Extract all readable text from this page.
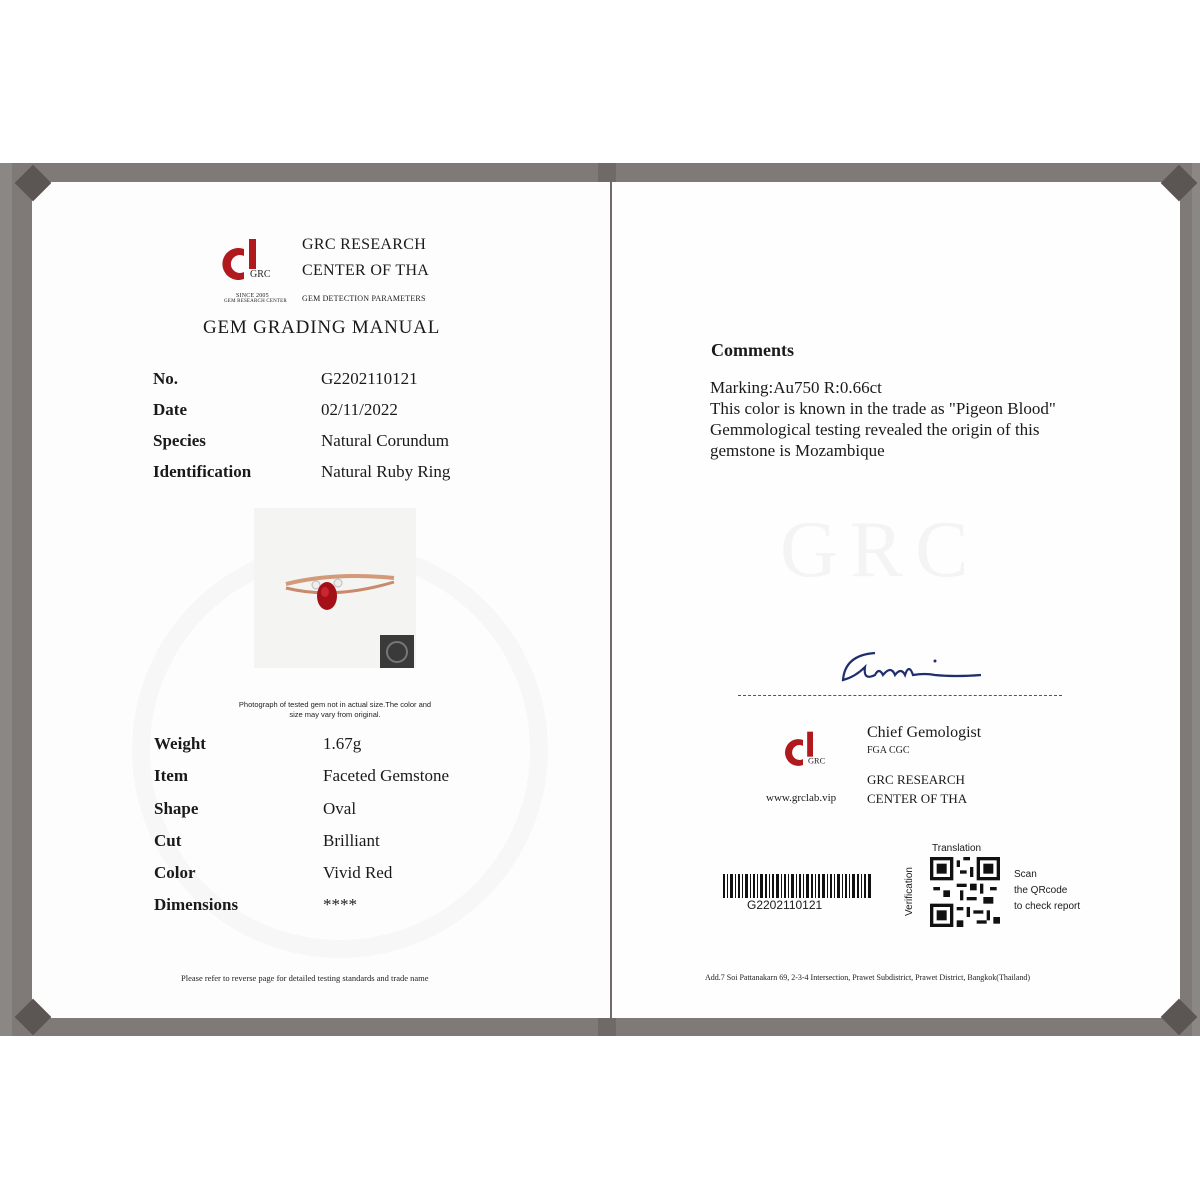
GRC
SINCE 2005
GEM RESEARCH CENTER
GRC RESEARCH
CENTER OF THA
GEM DETECTION PARAMETERS
GEM GRADING MANUAL
No.	G2202110121
Date	02/11/2022
Species	Natural Corundum
Identification	Natural Ruby Ring
Photograph of tested gem not in actual size.The color and
size may vary from original.
Weight	1.67g
Item	Faceted Gemstone
Shape	Oval
Cut	Brilliant
Color	Vivid Red
Dimensions	****
Please refer to reverse page for detailed testing standards and trade name
GRC
Comments
Marking:Au750 R:0.66ct
This color is known in the trade as "Pigeon Blood"
Gemmological testing revealed the origin of this
gemstone is Mozambique
Chief Gemologist
FGA CGC
GRC RESEARCH
CENTER OF THA
GRC
www.grclab.vip
G2202110121
Translation
Verification	Scan
the QRcode
to check report
Add.7 Soi Pattanakarn 69, 2-3-4 Intersection, Prawet Subdistrict, Prawet District, Bangkok(Thailand)
